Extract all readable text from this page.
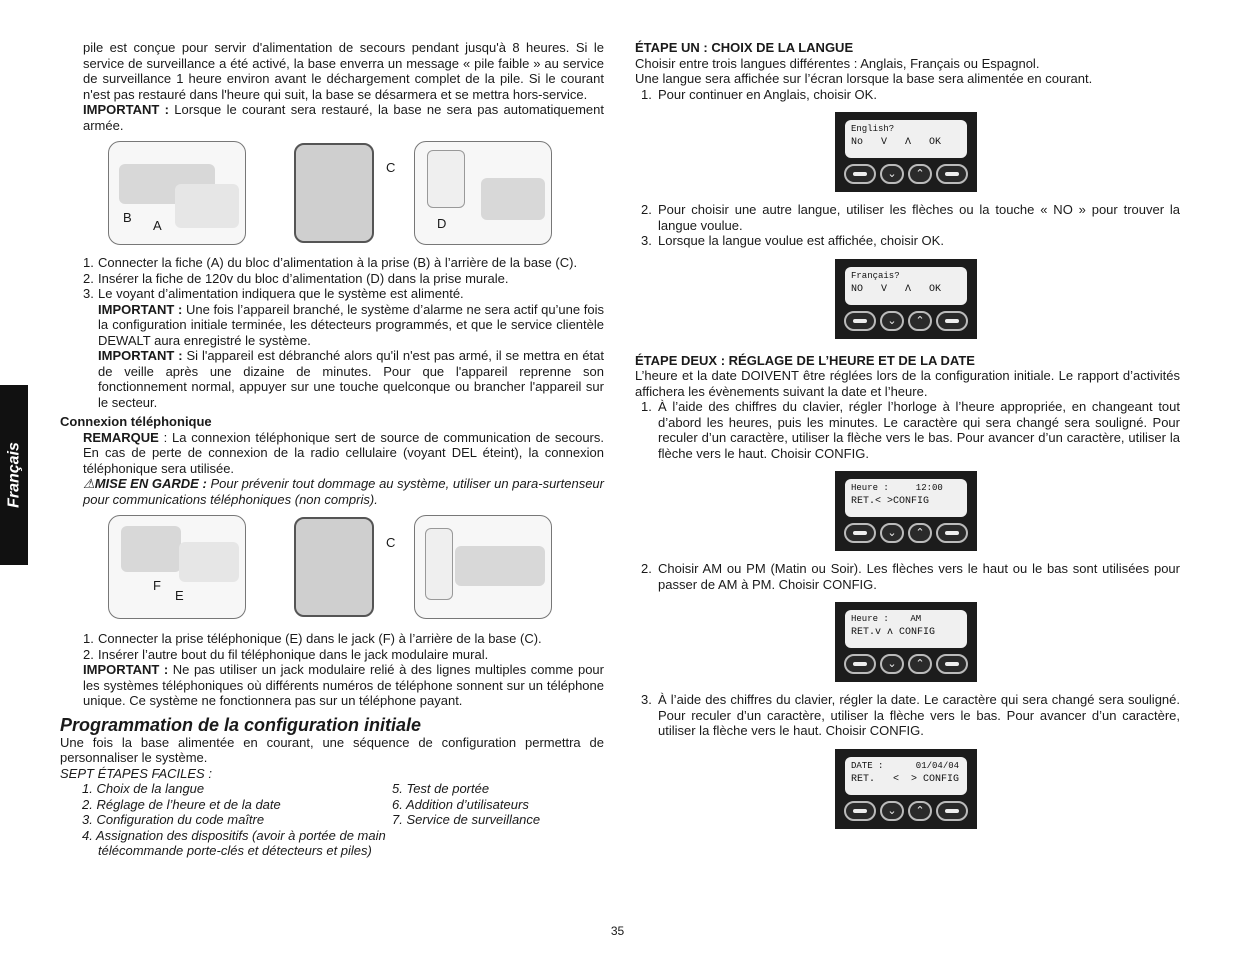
Français

pile est conçue pour servir d'alimentation de secours pendant jusqu'à 8 heures. Si le service de surveillance a été activé, la base enverra un message « pile faible » au service de surveillance 1 heure environ avant le déchargement complet de la pile. Si le courant n'est pas restauré dans l'heure qui suit, la base se désarmera et se mettra hors-service.

IMPORTANT : Lorsque le courant sera restauré, la base ne sera pas automatiquement armée.

B
A
C
D
1. Connecter la fiche (A) du bloc d’alimentation à la prise (B) à l’arrière de la base (C).
2. Insérer la fiche de 120v du bloc d’alimentation (D) dans la prise murale.
3. Le voyant d’alimentation indiquera que le système est alimenté.

IMPORTANT : Une fois l’appareil branché, le système d’alarme ne sera actif qu’une fois la configuration initiale terminée, les détecteurs programmés, et que le service clientèle DEWALT aura enregistré le système.

IMPORTANT : Si l'appareil est débranché alors qu'il n'est pas armé, il se mettra en état de veille après une dizaine de minutes. Pour que l'appareil reprenne son fonctionnement normal, appuyer sur une touche quelconque ou brancher l'appareil sur le secteur.

Connexion téléphonique

REMARQUE : La connexion téléphonique sert de source de communication de secours. En cas de perte de connexion de la radio cellulaire (voyant DEL éteint), la connexion téléphonique sera utilisée.

⚠MISE EN GARDE : Pour prévenir tout dommage au système, utiliser un para-surtenseur pour communications téléphoniques (non compris).

F
E
C
1. Connecter la prise téléphonique (E) dans le jack (F) à l’arrière de la base (C).
2. Insérer l’autre bout du fil téléphonique dans le jack modulaire mural.

IMPORTANT : Ne pas utiliser un jack modulaire relié à des lignes multiples comme pour les systèmes téléphoniques où différents numéros de téléphone sonnent sur un téléphone unique. Ce système ne fonctionnera pas sur un téléphone payant.

Programmation de la configuration initiale

Une fois la base alimentée en courant, une séquence de configuration permettra de personnaliser le système.

SEPT ÉTAPES FACILES :

1. Choix de la langue	5. Test de portée
2. Réglage de l’heure et de la date	6. Addition d’utilisateurs
3. Configuration du code maître	7. Service de surveillance

4. Assignation des dispositifs (avoir à portée de main

télécommande porte-clés et détecteurs et piles)

ÉTAPE UN : CHOIX DE LA LANGUE

Choisir entre trois langues différentes : Anglais, Français ou Espagnol.

Une langue sera affichée sur l’écran lorsque la base sera alimentée en courant.

1. Pour continuer en Anglais, choisir OK.
English?
No   V   Λ   OK
⌄	⌃
2. Pour choisir une autre langue, utiliser les flèches ou la touche « NO » pour trouver la langue voulue.
3. Lorsque la langue voulue est affichée, choisir OK.
Français?
NO   V   Λ   OK
⌄	⌃

ÉTAPE DEUX : RÉGLAGE DE L’HEURE ET DE LA DATE

L’heure et la date DOIVENT être réglées lors de la configuration initiale. Le rapport d’activités affichera les évènements suivant la date et l’heure.

1. À l’aide des chiffres du clavier, régler l’horloge à l’heure appropriée, en changeant tout d’abord les heures, puis les minutes. Le caractère qui sera changé sera souligné. Pour reculer d’un caractère, utiliser la flèche vers le bas. Pour avancer d’un caractère, utiliser la flèche vers le haut. Choisir CONFIG.
Heure :     12:00
RET.< >CONFIG
⌄	⌃
2. Choisir AM ou PM (Matin ou Soir). Les flèches vers le haut ou le bas sont utilisées pour passer de AM à PM. Choisir CONFIG.
Heure :    AM
RET.v ʌ CONFIG
⌄	⌃
3. À l’aide des chiffres du clavier, régler la date. Le caractère qui sera changé sera souligné. Pour reculer d’un caractère, utiliser la flèche vers le bas. Pour avancer d’un caractère, utiliser la flèche vers le haut. Choisir CONFIG.
DATE :      01/04/04
RET.   <  > CONFIG
⌄	⌃
35
